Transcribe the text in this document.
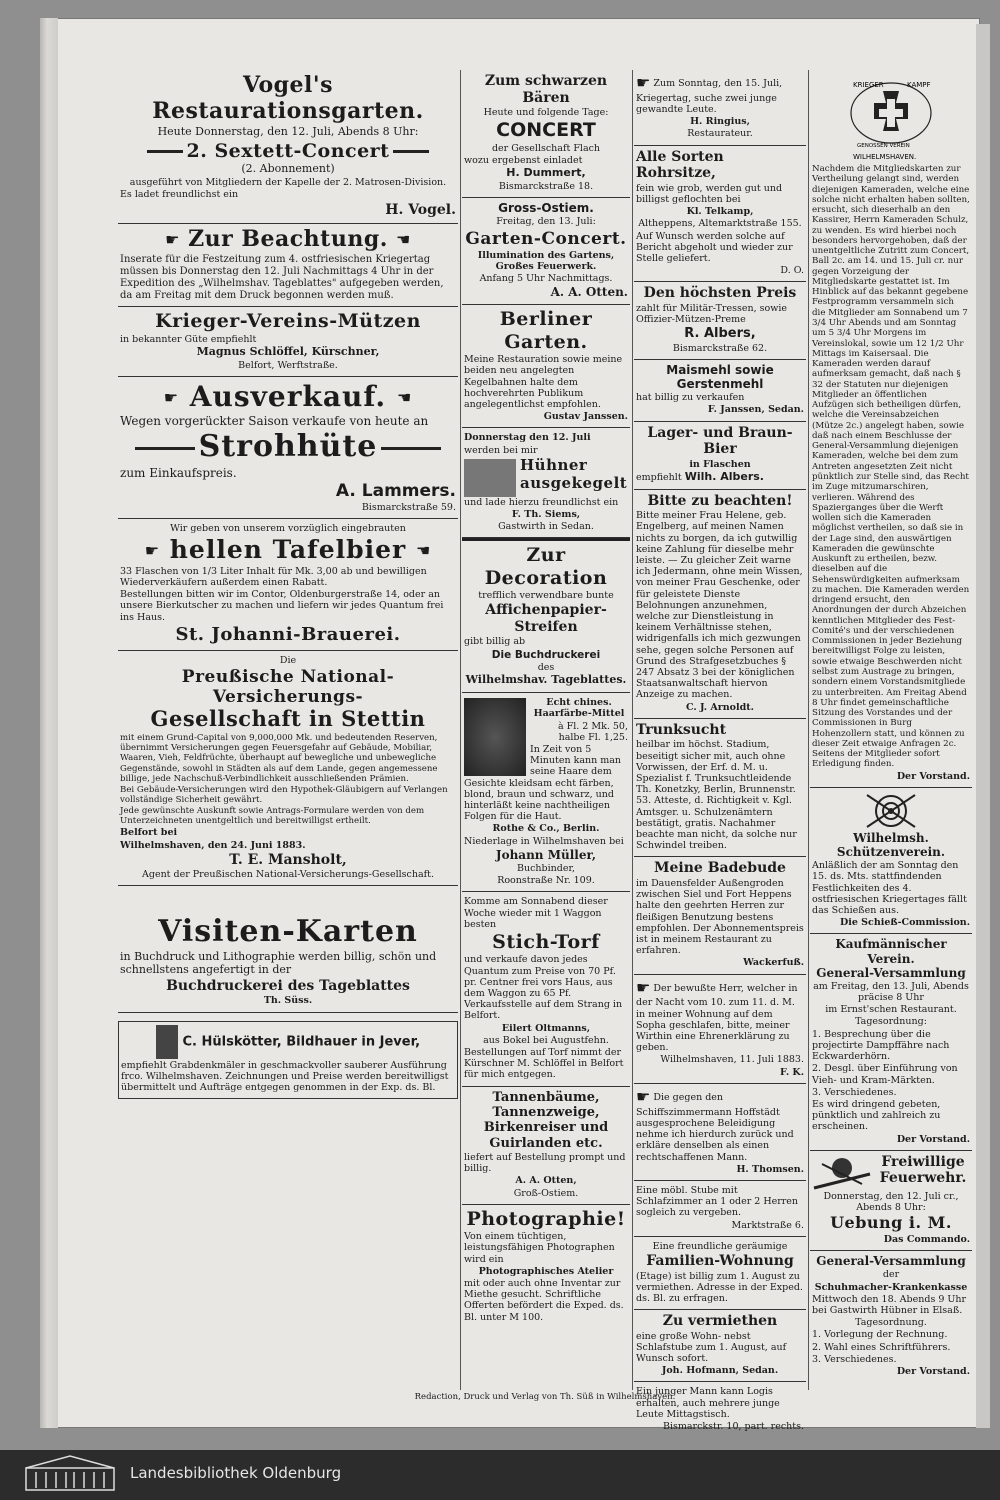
Vogel's Restaurationsgarten.

Heute Donnerstag, den 12. Juli, Abends 8 Uhr:

2. Sextett-Concert

(2. Abonnement)

ausgeführt von Mitgliedern der Kapelle der 2. Matrosen-Division.

Es ladet freundlichst ein

H. Vogel.

☛ Zur Beachtung. ☚

Inserate für die Festzeitung zum 4. ostfriesischen Kriegertag müssen bis Donnerstag den 12. Juli Nachmittags 4 Uhr in der Expedition des „Wilhelmshav. Tageblattes" aufgegeben werden, da am Freitag mit dem Druck begonnen werden muß.

Krieger-Vereins-Mützen

in bekannter Güte empfiehlt

Magnus Schlöffel, Kürschner,

Belfort, Werftstraße.

☛ Ausverkauf. ☚

Wegen vorgerückter Saison verkaufe von heute an

Strohhüte

zum Einkaufspreis.

A. Lammers.

Bismarckstraße 59.

Wir geben von unserem vorzüglich eingebrauten

☛ hellen Tafelbier ☚

33 Flaschen von 1/3 Liter Inhalt für Mk. 3,00 ab und bewilligen Wiederverkäufern außerdem einen Rabatt.

Bestellungen bitten wir im Contor, Oldenburgerstraße 14, oder an unsere Bierkutscher zu machen und liefern wir jedes Quantum frei ins Haus.

St. Johanni-Brauerei.

Die

Preußische National-Versicherungs-
Gesellschaft in Stettin

mit einem Grund-Capital von 9,000,000 Mk. und bedeutenden Reserven, übernimmt Versicherungen gegen Feuersgefahr auf Gebäude, Mobiliar, Waaren, Vieh, Feldfrüchte, überhaupt auf bewegliche und unbewegliche Gegenstände, sowohl in Städten als auf dem Lande, gegen angemessene billige, jede Nachschuß-Verbindlichkeit ausschließenden Prämien.

Bei Gebäude-Versicherungen wird den Hypothek-Gläubigern auf Verlangen vollständige Sicherheit gewährt.

Jede gewünschte Auskunft sowie Antrags-Formulare werden von dem Unterzeichneten unentgeltlich und bereitwilligst ertheilt.

Belfort bei

Wilhelmshaven, den 24. Juni 1883.

T. E. Mansholt,

Agent der Preußischen National-Versicherungs-Gesellschaft.

Visiten-Karten

in Buchdruck und Lithographie werden billig, schön und schnellstens angefertigt in der

Buchdruckerei des Tageblattes

Th. Süss.

C. Hülskötter, Bildhauer in Jever,

empfiehlt Grabdenkmäler in geschmackvoller sauberer Ausführung frco. Wilhelmshaven. Zeichnungen und Preise werden bereitwilligst übermittelt und Aufträge entgegen genommen in der Exp. ds. Bl.

Zum schwarzen Bären

Heute und folgende Tage:

CONCERT

der Gesellschaft Flach

wozu ergebenst einladet

H. Dummert,

Bismarckstraße 18.

Gross-Ostiem.

Freitag, den 13. Juli:

Garten-Concert.

Illumination des Gartens, Großes Feuerwerk.

Anfang 5 Uhr Nachmittags.

A. A. Otten.

Berliner Garten.

Meine Restauration sowie meine beiden neu angelegten Kegelbahnen halte dem hochverehrten Publikum angelegentlichst empfohlen.

Gustav Janssen.

Donnerstag den 12. Juli

werden bei mir

Hühner ausgekegelt

und lade hierzu freundlichst ein

F. Th. Siems,

Gastwirth in Sedan.

Zur Decoration

trefflich verwendbare bunte

Affichenpapier-Streifen

gibt billig ab

Die Buchdruckerei

des

Wilhelmshav. Tageblattes.

Echt chines. Haarfärbe-Mittel

à Fl. 2 Mk. 50, halbe Fl. 1,25.

In Zeit von 5 Minuten kann man seine Haare dem Gesichte kleidsam echt färben, blond, braun und schwarz, und hinterläßt keine nachtheiligen Folgen für die Haut.

Rothe & Co., Berlin.

Niederlage in Wilhelmshaven bei

Johann Müller,

Buchbinder,

Roonstraße Nr. 109.

Komme am Sonnabend dieser Woche wieder mit 1 Waggon besten

Stich-Torf

und verkaufe davon jedes Quantum zum Preise von 70 Pf. pr. Centner frei vors Haus, aus dem Waggon zu 65 Pf. Verkaufsstelle auf dem Strang in Belfort.

Eilert Oltmanns,

aus Bokel bei Augustfehn.

Bestellungen auf Torf nimmt der Kürschner M. Schlöffel in Belfort für mich entgegen.

Tannenbäume, Tannenzweige, Birkenreiser und Guirlanden etc.

liefert auf Bestellung prompt und billig.

A. A. Otten,

Groß-Ostiem.

Photographie!

Von einem tüchtigen, leistungsfähigen Photographen wird ein

Photographisches Atelier

mit oder auch ohne Inventar zur Miethe gesucht. Schriftliche Offerten befördert die Exped. ds. Bl. unter M 100.

☛ Zum Sonntag, den 15. Juli, Kriegertag, suche zwei junge gewandte Leute.

H. Ringius,

Restaurateur.

Alle Sorten Rohrsitze,

fein wie grob, werden gut und billigst geflochten bei

Kl. Telkamp,

Altheppens, Altemarktstraße 155.

Auf Wunsch werden solche auf Bericht abgeholt und wieder zur Stelle geliefert.

D. O.

Den höchsten Preis

zahlt für Militär-Tressen, sowie Offizier-Mützen-Preme

R. Albers,

Bismarckstraße 62.

Maismehl sowie Gerstenmehl

hat billig zu verkaufen

F. Janssen, Sedan.

Lager- und Braun-Bier

in Flaschen

empfiehlt Wilh. Albers.

Bitte zu beachten!

Bitte meiner Frau Helene, geb. Engelberg, auf meinen Namen nichts zu borgen, da ich gutwillig keine Zahlung für dieselbe mehr leiste. — Zu gleicher Zeit warne ich Jedermann, ohne mein Wissen, von meiner Frau Geschenke, oder für geleistete Dienste Belohnungen anzunehmen, welche zur Dienstleistung in keinem Verhältnisse stehen, widrigenfalls ich mich gezwungen sehe, gegen solche Personen auf Grund des Strafgesetzbuches § 247 Absatz 3 bei der königlichen Staatsanwaltschaft hiervon Anzeige zu machen.

C. J. Arnoldt.

Trunksucht

heilbar im höchst. Stadium, beseitigt sicher mit, auch ohne Vorwissen, der Erf. d. M. u. Spezialist f. Trunksuchtleidende Th. Konetzky, Berlin, Brunnenstr. 53. Atteste, d. Richtigkeit v. Kgl. Amtsger. u. Schulzenämtern bestätigt, gratis. Nachahmer beachte man nicht, da solche nur Schwindel treiben.

Meine Badebude

im Dauensfelder Außengroden zwischen Siel und Fort Heppens halte den geehrten Herren zur fleißigen Benutzung bestens empfohlen. Der Abonnementspreis ist in meinem Restaurant zu erfahren.

Wackerfuß.

☛ Der bewußte Herr, welcher in der Nacht vom 10. zum 11. d. M. in meiner Wohnung auf dem Sopha geschlafen, bitte, meiner Wirthin eine Ehrenerklärung zu geben.

Wilhelmshaven, 11. Juli 1883.

F. K.

☛ Die gegen den Schiffszimmermann Hoffstädt ausgesprochene Beleidigung nehme ich hierdurch zurück und erkläre denselben als einen rechtschaffenen Mann.

H. Thomsen.

Eine möbl. Stube mit Schlafzimmer an 1 oder 2 Herren sogleich zu vergeben.

Marktstraße 6.

Eine freundliche geräumige

Familien-Wohnung

(Etage) ist billig zum 1. August zu vermiethen. Adresse in der Exped. ds. Bl. zu erfragen.

Zu vermiethen

eine große Wohn- nebst Schlafstube zum 1. August, auf Wunsch sofort.

Joh. Hofmann, Sedan.

Ein junger Mann kann Logis erhalten, auch mehrere junge Leute Mittagstisch.

Bismarckstr. 10, part. rechts.

KRIEGER	KAMPF
GENOSSEN VEREIN
WILHELMSHAVEN.

Nachdem die Mitgliedskarten zur Vertheilung gelangt sind, werden diejenigen Kameraden, welche eine solche nicht erhalten haben sollten, ersucht, sich dieserhalb an den Kassirer, Herrn Kameraden Schulz, zu wenden. Es wird hierbei noch besonders hervorgehoben, daß der unentgeltliche Zutritt zum Concert, Ball 2c. am 14. und 15. Juli cr. nur gegen Vorzeigung der Mitgliedskarte gestattet ist. Im Hinblick auf das bekannt gegebene Festprogramm versammeln sich die Mitglieder am Sonnabend um 7 3/4 Uhr Abends und am Sonntag um 5 3/4 Uhr Morgens im Vereinslokal, sowie um 12 1/2 Uhr Mittags im Kaisersaal. Die Kameraden werden darauf aufmerksam gemacht, daß nach § 32 der Statuten nur diejenigen Mitglieder an öffentlichen Aufzügen sich betheiligen dürfen, welche die Vereinsabzeichen (Mütze 2c.) angelegt haben, sowie daß nach einem Beschlusse der General-Versammlung diejenigen Kameraden, welche bei dem zum Antreten angesetzten Zeit nicht pünktlich zur Stelle sind, das Recht im Zuge mitzumarschiren, verlieren. Während des Spazierganges über die Werft wollen sich die Kameraden möglichst vertheilen, so daß sie in der Lage sind, den auswärtigen Kameraden die gewünschte Auskunft zu ertheilen, bezw. dieselben auf die Sehenswürdigkeiten aufmerksam zu machen. Die Kameraden werden dringend ersucht, den Anordnungen der durch Abzeichen kenntlichen Mitglieder des Fest-Comité's und der verschiedenen Commissionen in jeder Beziehung bereitwilligst Folge zu leisten, sowie etwaige Beschwerden nicht selbst zum Austrage zu bringen, sondern einem Vorstandsmitgliede zu unterbreiten. Am Freitag Abend 8 Uhr findet gemeinschaftliche Sitzung des Vorstandes und der Commissionen in Burg Hohenzollern statt, und können zu dieser Zeit etwaige Anfragen 2c. Seitens der Mitglieder sofort Erledigung finden.

Der Vorstand.

Wilhelmsh. Schützenverein.

Anläßlich der am Sonntag den 15. ds. Mts. stattfindenden Festlichkeiten des 4. ostfriesischen Kriegertages fällt das Schießen aus.

Die Schieß-Commission.

Kaufmännischer Verein.
General-Versammlung

am Freitag, den 13. Juli, Abends präcise 8 Uhr

im Ernst'schen Restaurant.

Tagesordnung:

1. Besprechung über die projectirte Dampffähre nach Eckwarderhörn.

2. Desgl. über Einführung von Vieh- und Kram-Märkten.

3. Verschiedenes.

Es wird dringend gebeten, pünktlich und zahlreich zu erscheinen.

Der Vorstand.

Freiwillige Feuerwehr.

Donnerstag, den 12. Juli cr., Abends 8 Uhr:

Uebung i. M.

Das Commando.

General-Versammlung

der

Schuhmacher-Krankenkasse

Mittwoch den 18. Abends 9 Uhr bei Gastwirth Hübner in Elsaß.

Tagesordnung.

1. Vorlegung der Rechnung.

2. Wahl eines Schriftführers.

3. Verschiedenes.

Der Vorstand.

Redaction, Druck und Verlag von Th. Süß in Wilhelmshaven.
Landesbibliothek Oldenburg
